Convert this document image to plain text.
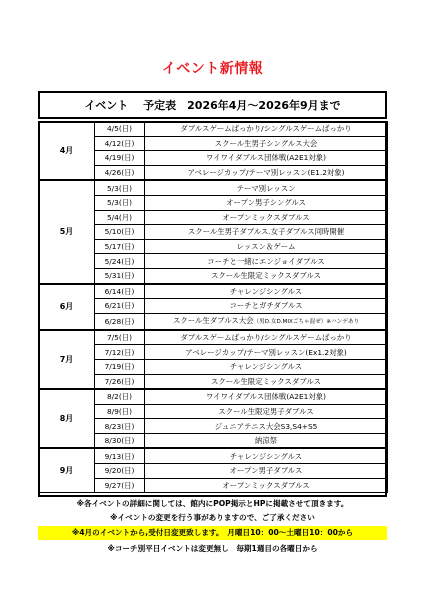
イベント新情報
イベント　 予定表　2026年4月～2026年9月まで
4月	4/5(日)	ダブルスゲームばっかり/シングルスゲームばっかり
	4/12(日)	スクール生男子シングルス大会
	4/19(日)	ワイワイダブルス団体戦(A2E1対象)
	4/26(日)	アベレージカップ/テーマ別レッスン(E1.2対象)
5月	5/3(日)	テーマ別レッスン
	5/3(日)	オープン男子シングルス
	5/4(月)	オープンミックスダブルス
	5/10(日)	スクール生男子ダブルス.女子ダブルス同時開催
	5/17(日)	レッスン＆ゲーム
	5/24(日)	コーチと一緒にエンジョイダブルス
	5/31(日)	スクール生限定ミックスダブルス
6月	6/14(日)	チャレンジシングルス
	6/21(日)	コーチとガチダブルス
	6/28(日)	スクール生ダブルス大会（男D.女D.MIXごちゃ混ぜ）※ハンデあり
7月	7/5(日)	ダブルスゲームばっかり/シングルスゲームばっかり
	7/12(日)	アベレージカップ/テーマ別レッスン(Ex1.2対象)
	7/19(日)	チャレンジシングルス
	7/26(日)	スクール生限定ミックスダブルス
8月	8/2(日)	ワイワイダブルス団体戦(A2E1対象)
	8/9(日)	スクール生限定男子ダブルス
	8/23(日)	ジュニアテニス大会S3,S4+S5
	8/30(日)	納涼祭
9月	9/13(日)	チャレンジシングルス
	9/20(日)	オープン男子ダブルス
	9/27(日)	オープンミックスダブルス
※各イベントの詳細に関しては、館内にPOP掲示とHPに掲載させて頂きます。
※イベントの変更を行う事がありますので、ご了承ください
※4月のイベントから,受付日変更致します。　月曜日10：00～土曜日10：00から
※コーチ別平日イベントは変更無し　毎期1週目の各曜日から
